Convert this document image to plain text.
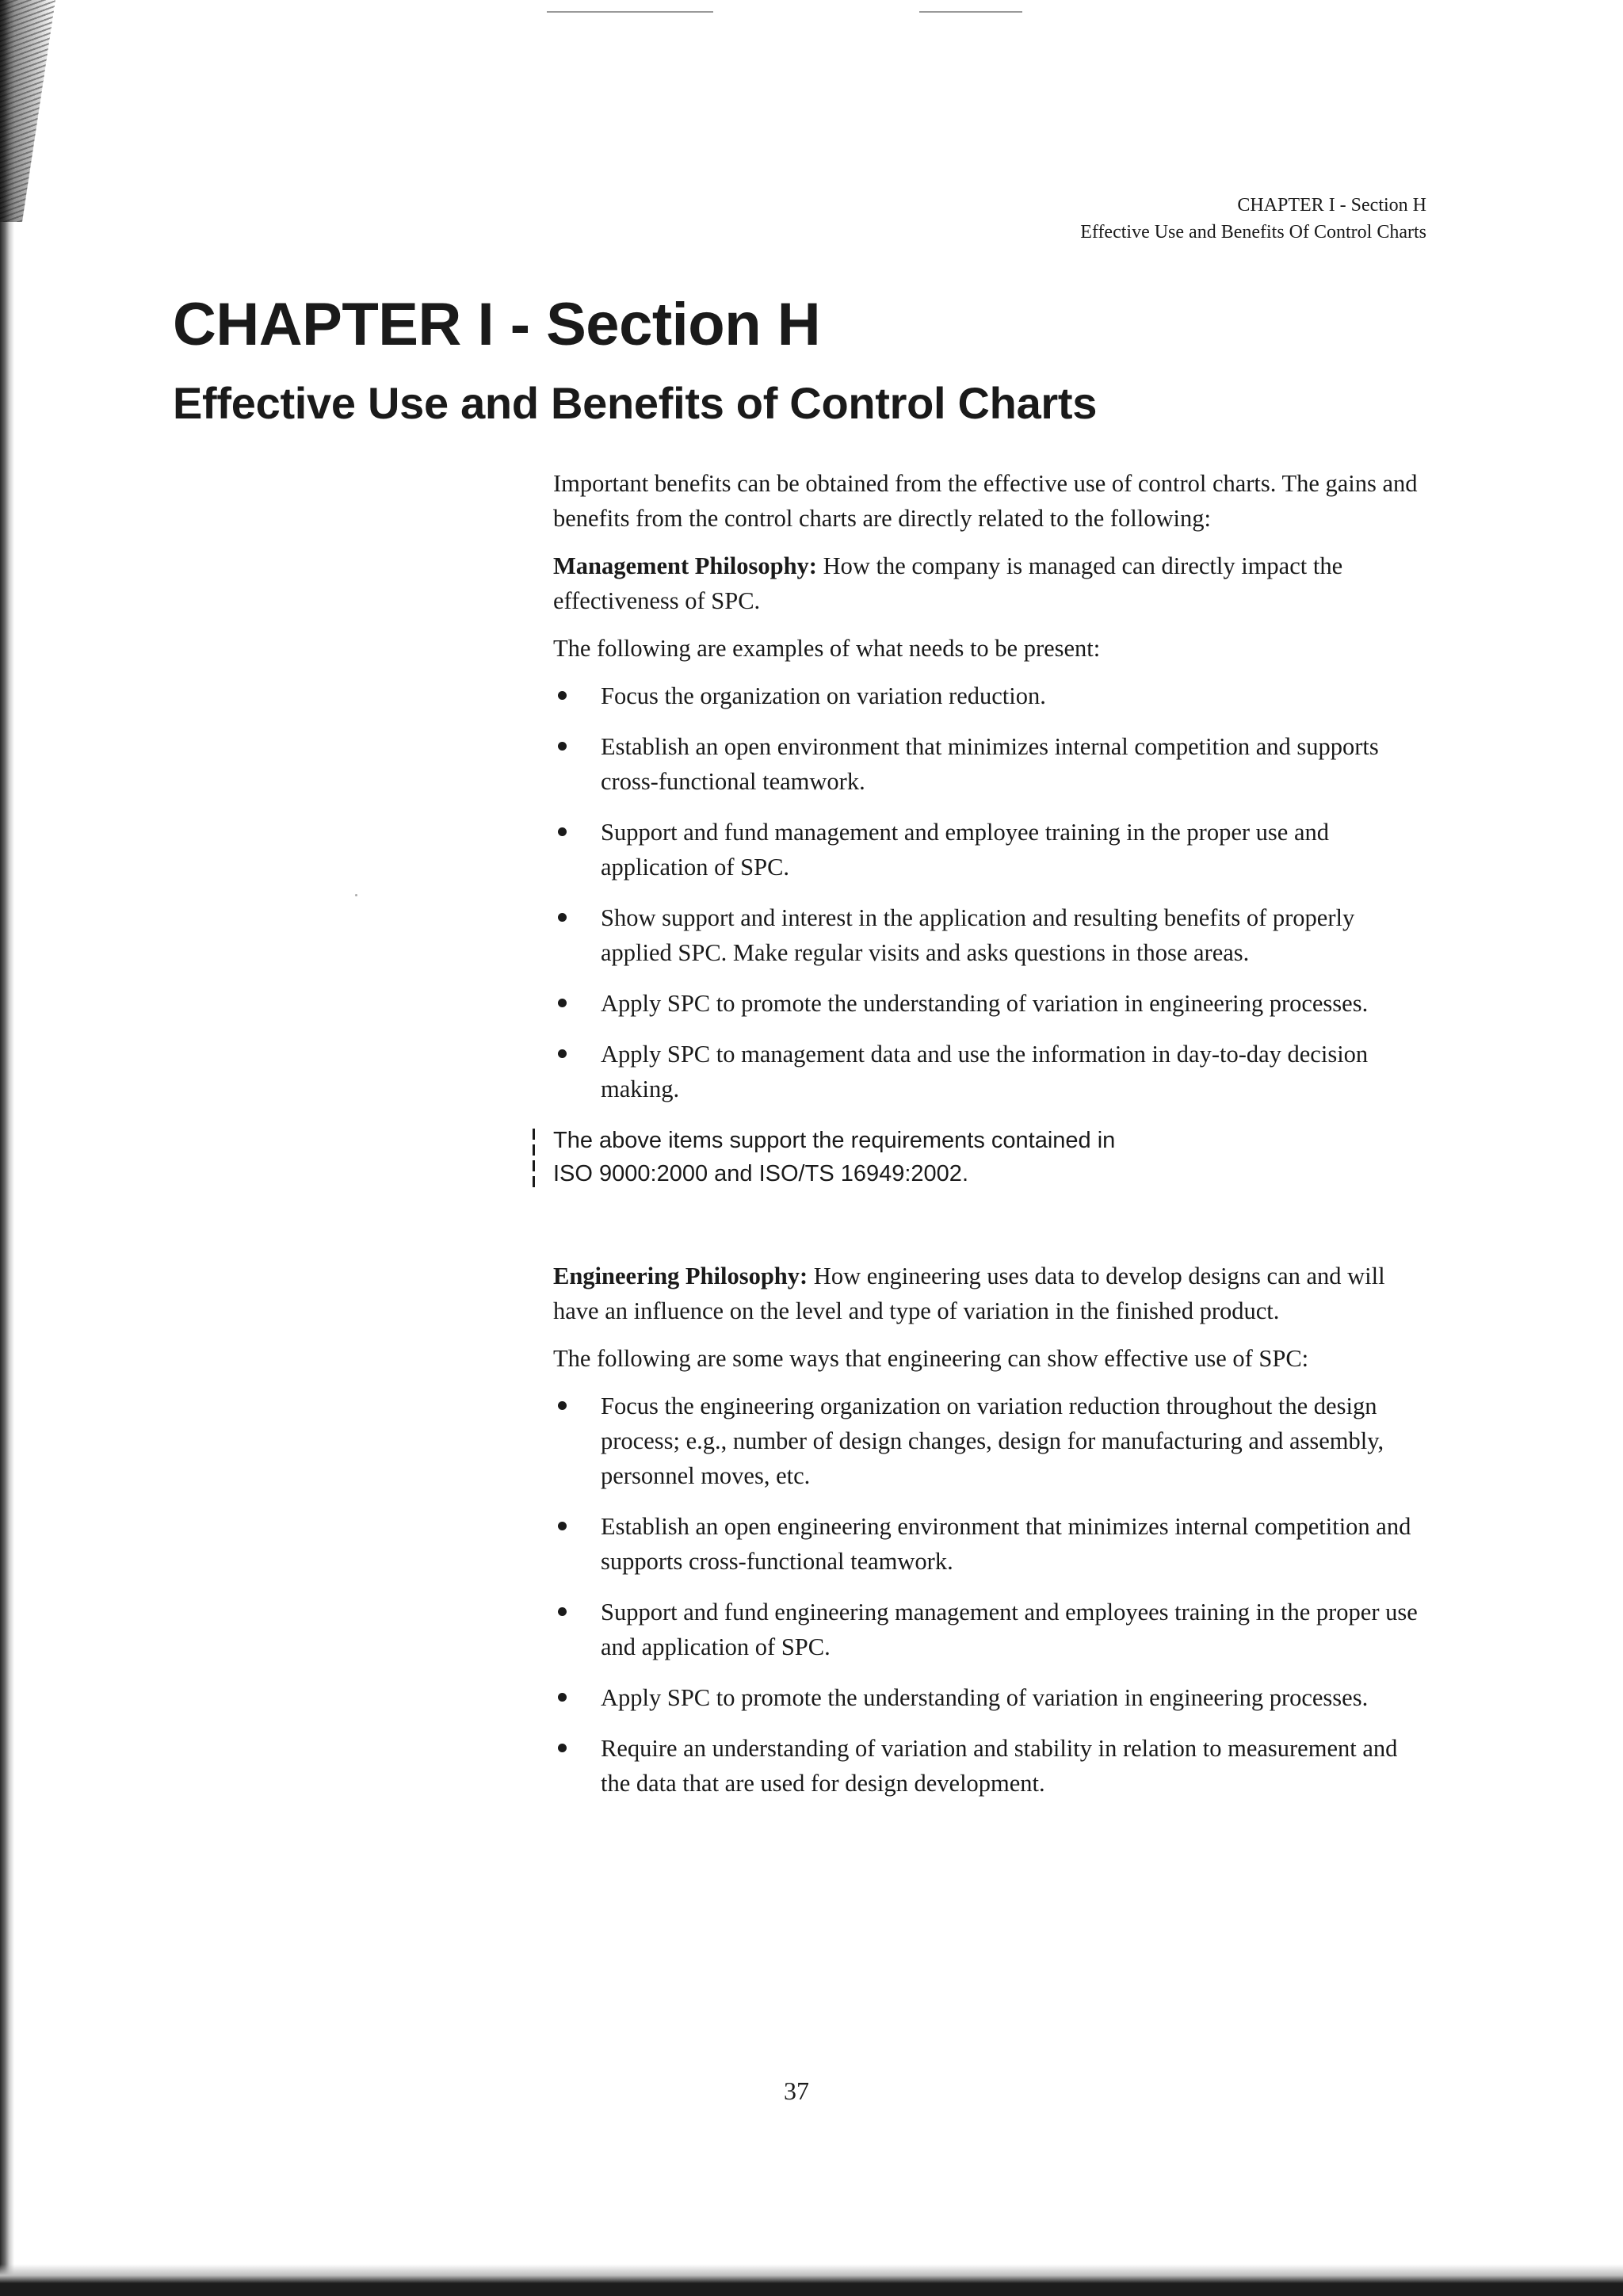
CHAPTER I - Section H
Effective Use and Benefits Of Control Charts
CHAPTER I - Section H
Effective Use and Benefits of Control Charts

Important benefits can be obtained from the effective use of control charts. The gains and benefits from the control charts are directly related to the following:

Management Philosophy: How the company is managed can directly impact the effectiveness of SPC.

The following are examples of what needs to be present:

Focus the organization on variation reduction.
Establish an open environment that minimizes internal competition and supports cross-functional teamwork.
Support and fund management and employee training in the proper use and application of SPC.
Show support and interest in the application and resulting benefits of properly applied SPC. Make regular visits and asks questions in those areas.
Apply SPC to promote the understanding of variation in engineering processes.
Apply SPC to management data and use the information in day-to-day decision making.
The above items support the requirements contained in
ISO 9000:2000 and ISO/TS 16949:2002.

Engineering Philosophy: How engineering uses data to develop designs can and will have an influence on the level and type of variation in the finished product.

The following are some ways that engineering can show effective use of SPC:

Focus the engineering organization on variation reduction throughout the design process; e.g., number of design changes, design for manufacturing and assembly, personnel moves, etc.
Establish an open engineering environment that minimizes internal competition and supports cross-functional teamwork.
Support and fund engineering management and employees training in the proper use and application of SPC.
Apply SPC to promote the understanding of variation in engineering processes.
Require an understanding of variation and stability in relation to measurement and the data that are used for design development.
37
